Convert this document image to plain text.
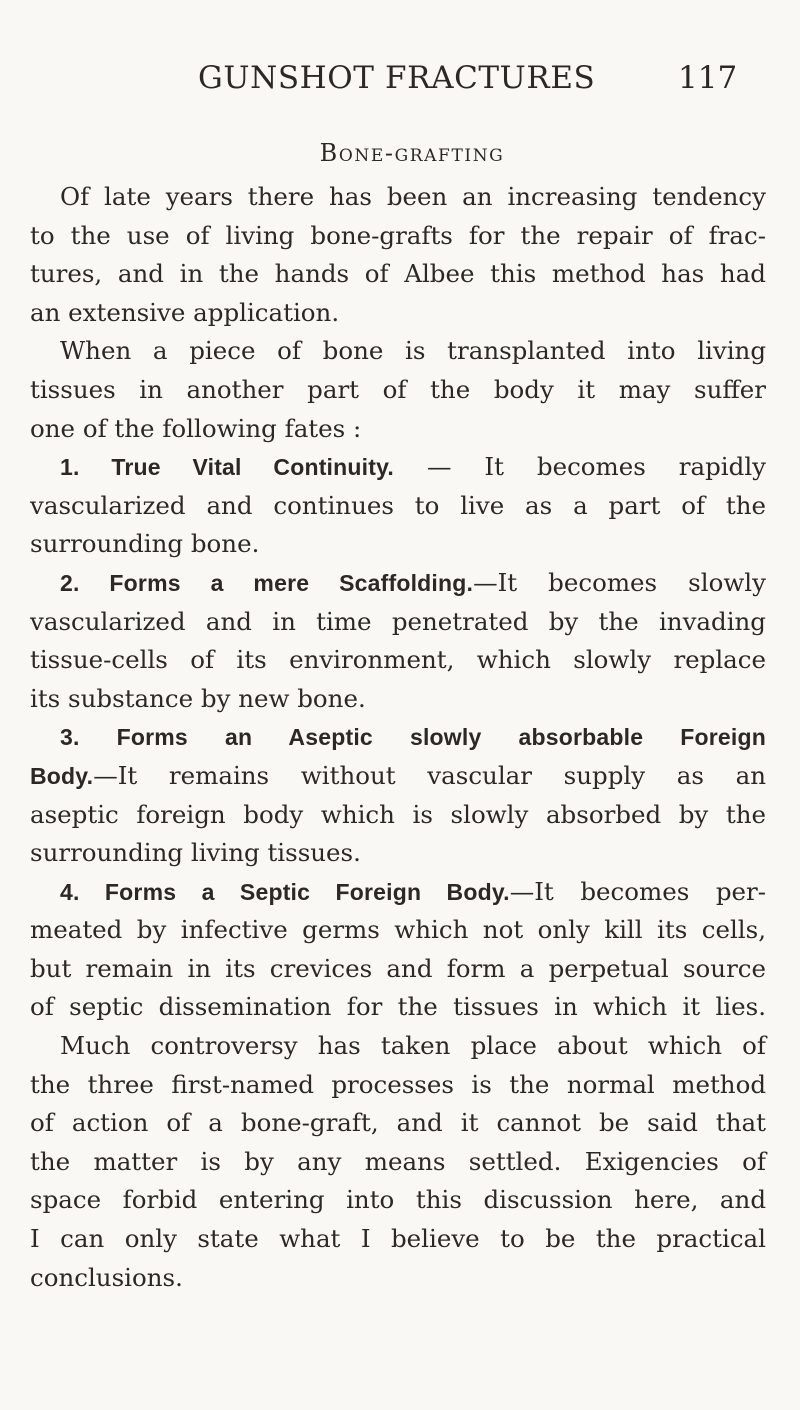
GUNSHOT FRACTURES	117
Bone-grafting
Of late years there has been an increasing tendency
to the use of living bone-grafts for the repair of frac-
tures, and in the hands of Albee this method has had
an extensive application.
When a piece of bone is transplanted into living
tissues in another part of the body it may suffer
one of the following fates :
1. True Vital Continuity. — It becomes rapidly
vascularized and continues to live as a part of the
surrounding bone.
2. Forms a mere Scaffolding.—It becomes slowly
vascularized and in time penetrated by the invading
tissue-cells of its environment, which slowly replace
its substance by new bone.
3. Forms an Aseptic slowly absorbable Foreign
Body.—It remains without vascular supply as an
aseptic foreign body which is slowly absorbed by the
surrounding living tissues.
4. Forms a Septic Foreign Body.—It becomes per-
meated by infective germs which not only kill its cells,
but remain in its crevices and form a perpetual source
of septic dissemination for the tissues in which it lies.
Much controversy has taken place about which of
the three first-named processes is the normal method
of action of a bone-graft, and it cannot be said that
the matter is by any means settled. Exigencies of
space forbid entering into this discussion here, and
I can only state what I believe to be the practical
conclusions.
